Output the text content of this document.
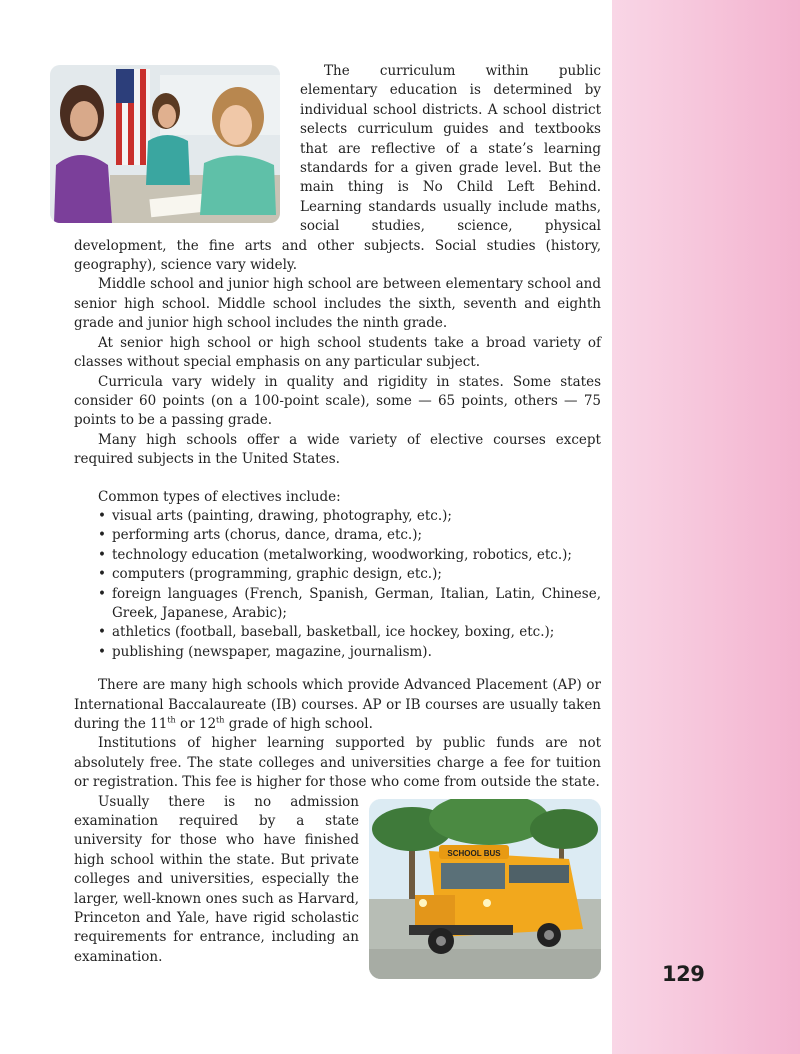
129

The curriculum within public elementary education is determined by individual school districts. A school district selects curriculum guides and textbooks that are reflective of a state’s learning standards for a given grade level. But the main thing is No Child Left Behind. Learning standards usually include maths, social studies, science, physical development, the fine arts and other subjects. Social studies (history, geography), science vary widely.

Middle school and junior high school are between elementary school and senior high school. Middle school includes the sixth, seventh and eighth grade and junior high school includes the ninth grade.

At senior high school or high school students take a broad variety of classes without special emphasis on any particular subject.

Curricula vary widely in quality and rigidity in states. Some states consider 60 points (on a 100-point scale), some — 65 points, others — 75 points to be a passing grade.

Many high schools offer a wide variety of elective courses except required subjects in the United States.

Common types of electives include:

• visual arts (painting, drawing, photography, etc.);
• performing arts (chorus, dance, drama, etc.);
• technology education (metalworking, woodworking, robotics, etc.);
• computers (programming, graphic design, etc.);
• foreign languages (French, Spanish, German, Italian, Latin, Chinese, Greek, Japanese, Arabic);
• athletics (football, baseball, basketball, ice hockey, boxing, etc.);
• publishing (newspaper, magazine, journalism).

There are many high schools which provide Advanced Placement (AP) or International Baccalaureate (IB) courses. AP or IB courses are usually taken during the 11th or 12th grade of high school.

Institutions of higher learning supported by public funds are not absolutely free. The state colleges and universities charge a fee for tuition or registration. This fee is higher for those who come from outside the state.

SCHOOL BUS

Usually there is no admission examination required by a state university for those who have finished high school within the state. But private colleges and universities, especially the larger, well-known ones such as Harvard, Princeton and Yale, have rigid scholastic requirements for entrance, including an examination.
